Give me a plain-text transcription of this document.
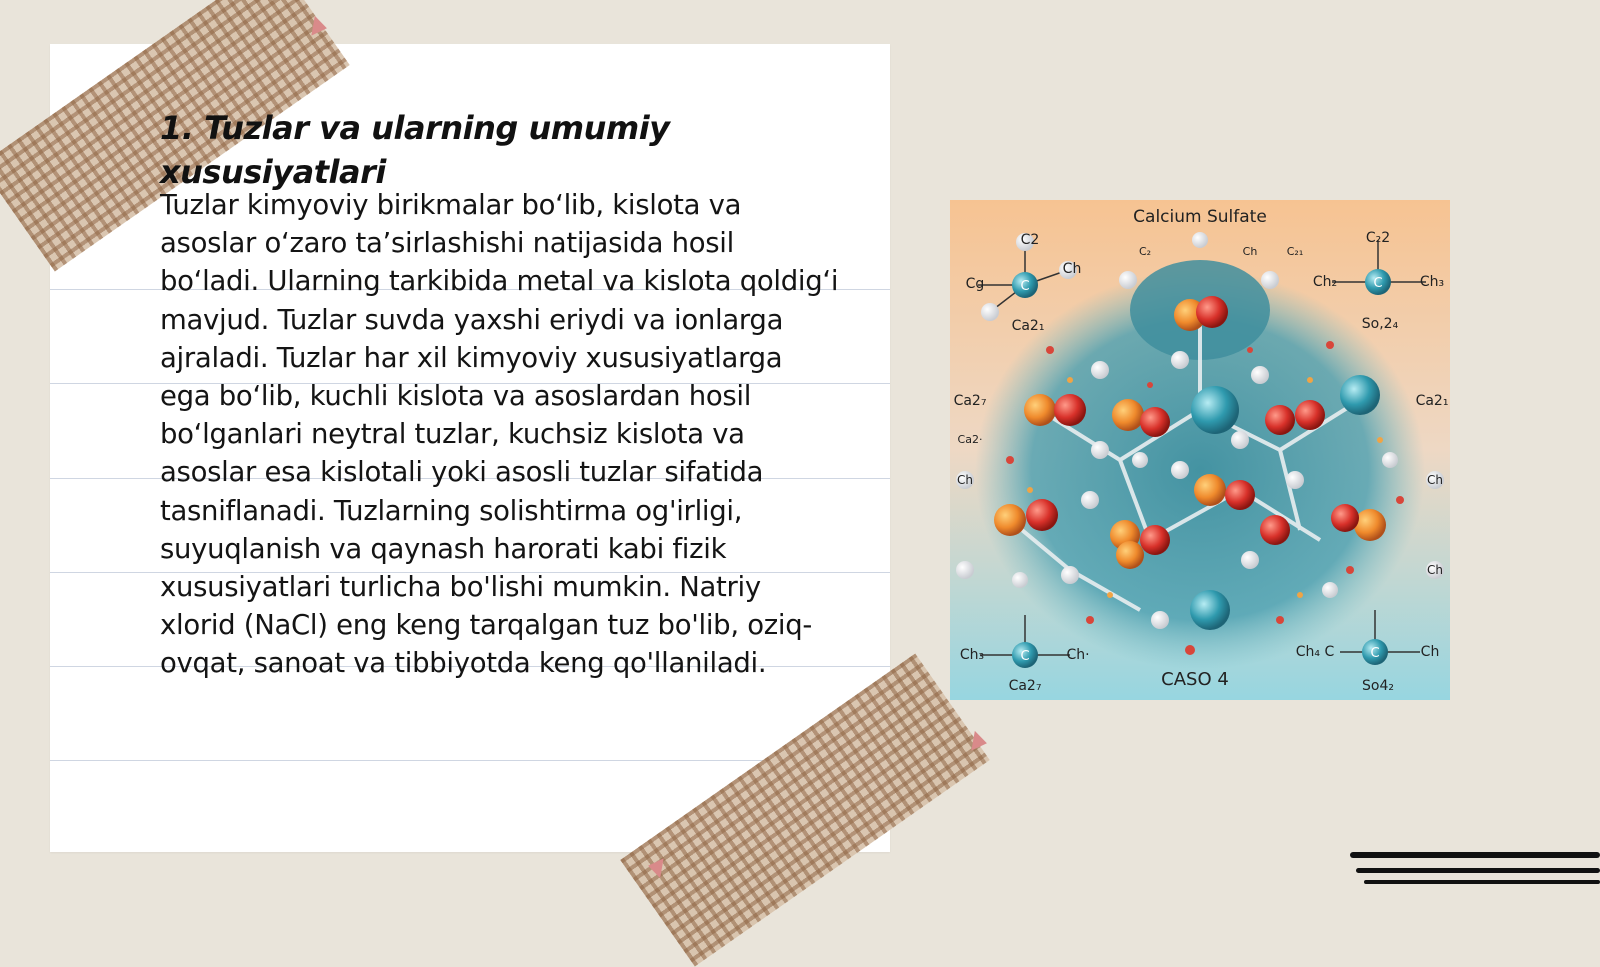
1. Tuzlar va ularning umumiy xususiyatlari

Tuzlar kimyoviy birikmalar bo‘lib, kislota va asoslar o‘zaro ta’sirlashishi natijasida hosil bo‘ladi. Ularning tarkibida metal va kislota qoldig‘i mavjud. Tuzlar suvda yaxshi eriydi va ionlarga ajraladi. Tuzlar har xil kimyoviy xususiyatlarga ega bo‘lib, kuchli kislota va asoslardan hosil bo‘lganlari neytral tuzlar, kuchsiz kislota va asoslar esa kislotali yoki asosli tuzlar sifatida tasniflanadi. Tuzlarning solishtirma og'irligi, suyuqlanish va qaynash harorati kabi fizik xususiyatlari turlicha bo'lishi mumkin. Natriy xlorid (NaCl) eng keng tarqalgan tuz bo'lib, oziq-ovqat, sanoat va tibbiyotda keng qo'llaniladi.

Calcium Sulfate
C
C2
Cg
Ch
Ca2₁
C₂	Ch	C₂₁
C₂2
C
Ch₂	Ch₃
So,2₄
Ca2₇
Ca2·
Ch
Ca2₁
Ch
Ch
C
Ch₃	Ch·
Ca2₇
C
Ch₄ C	Ch
So4₂
CASO 4
